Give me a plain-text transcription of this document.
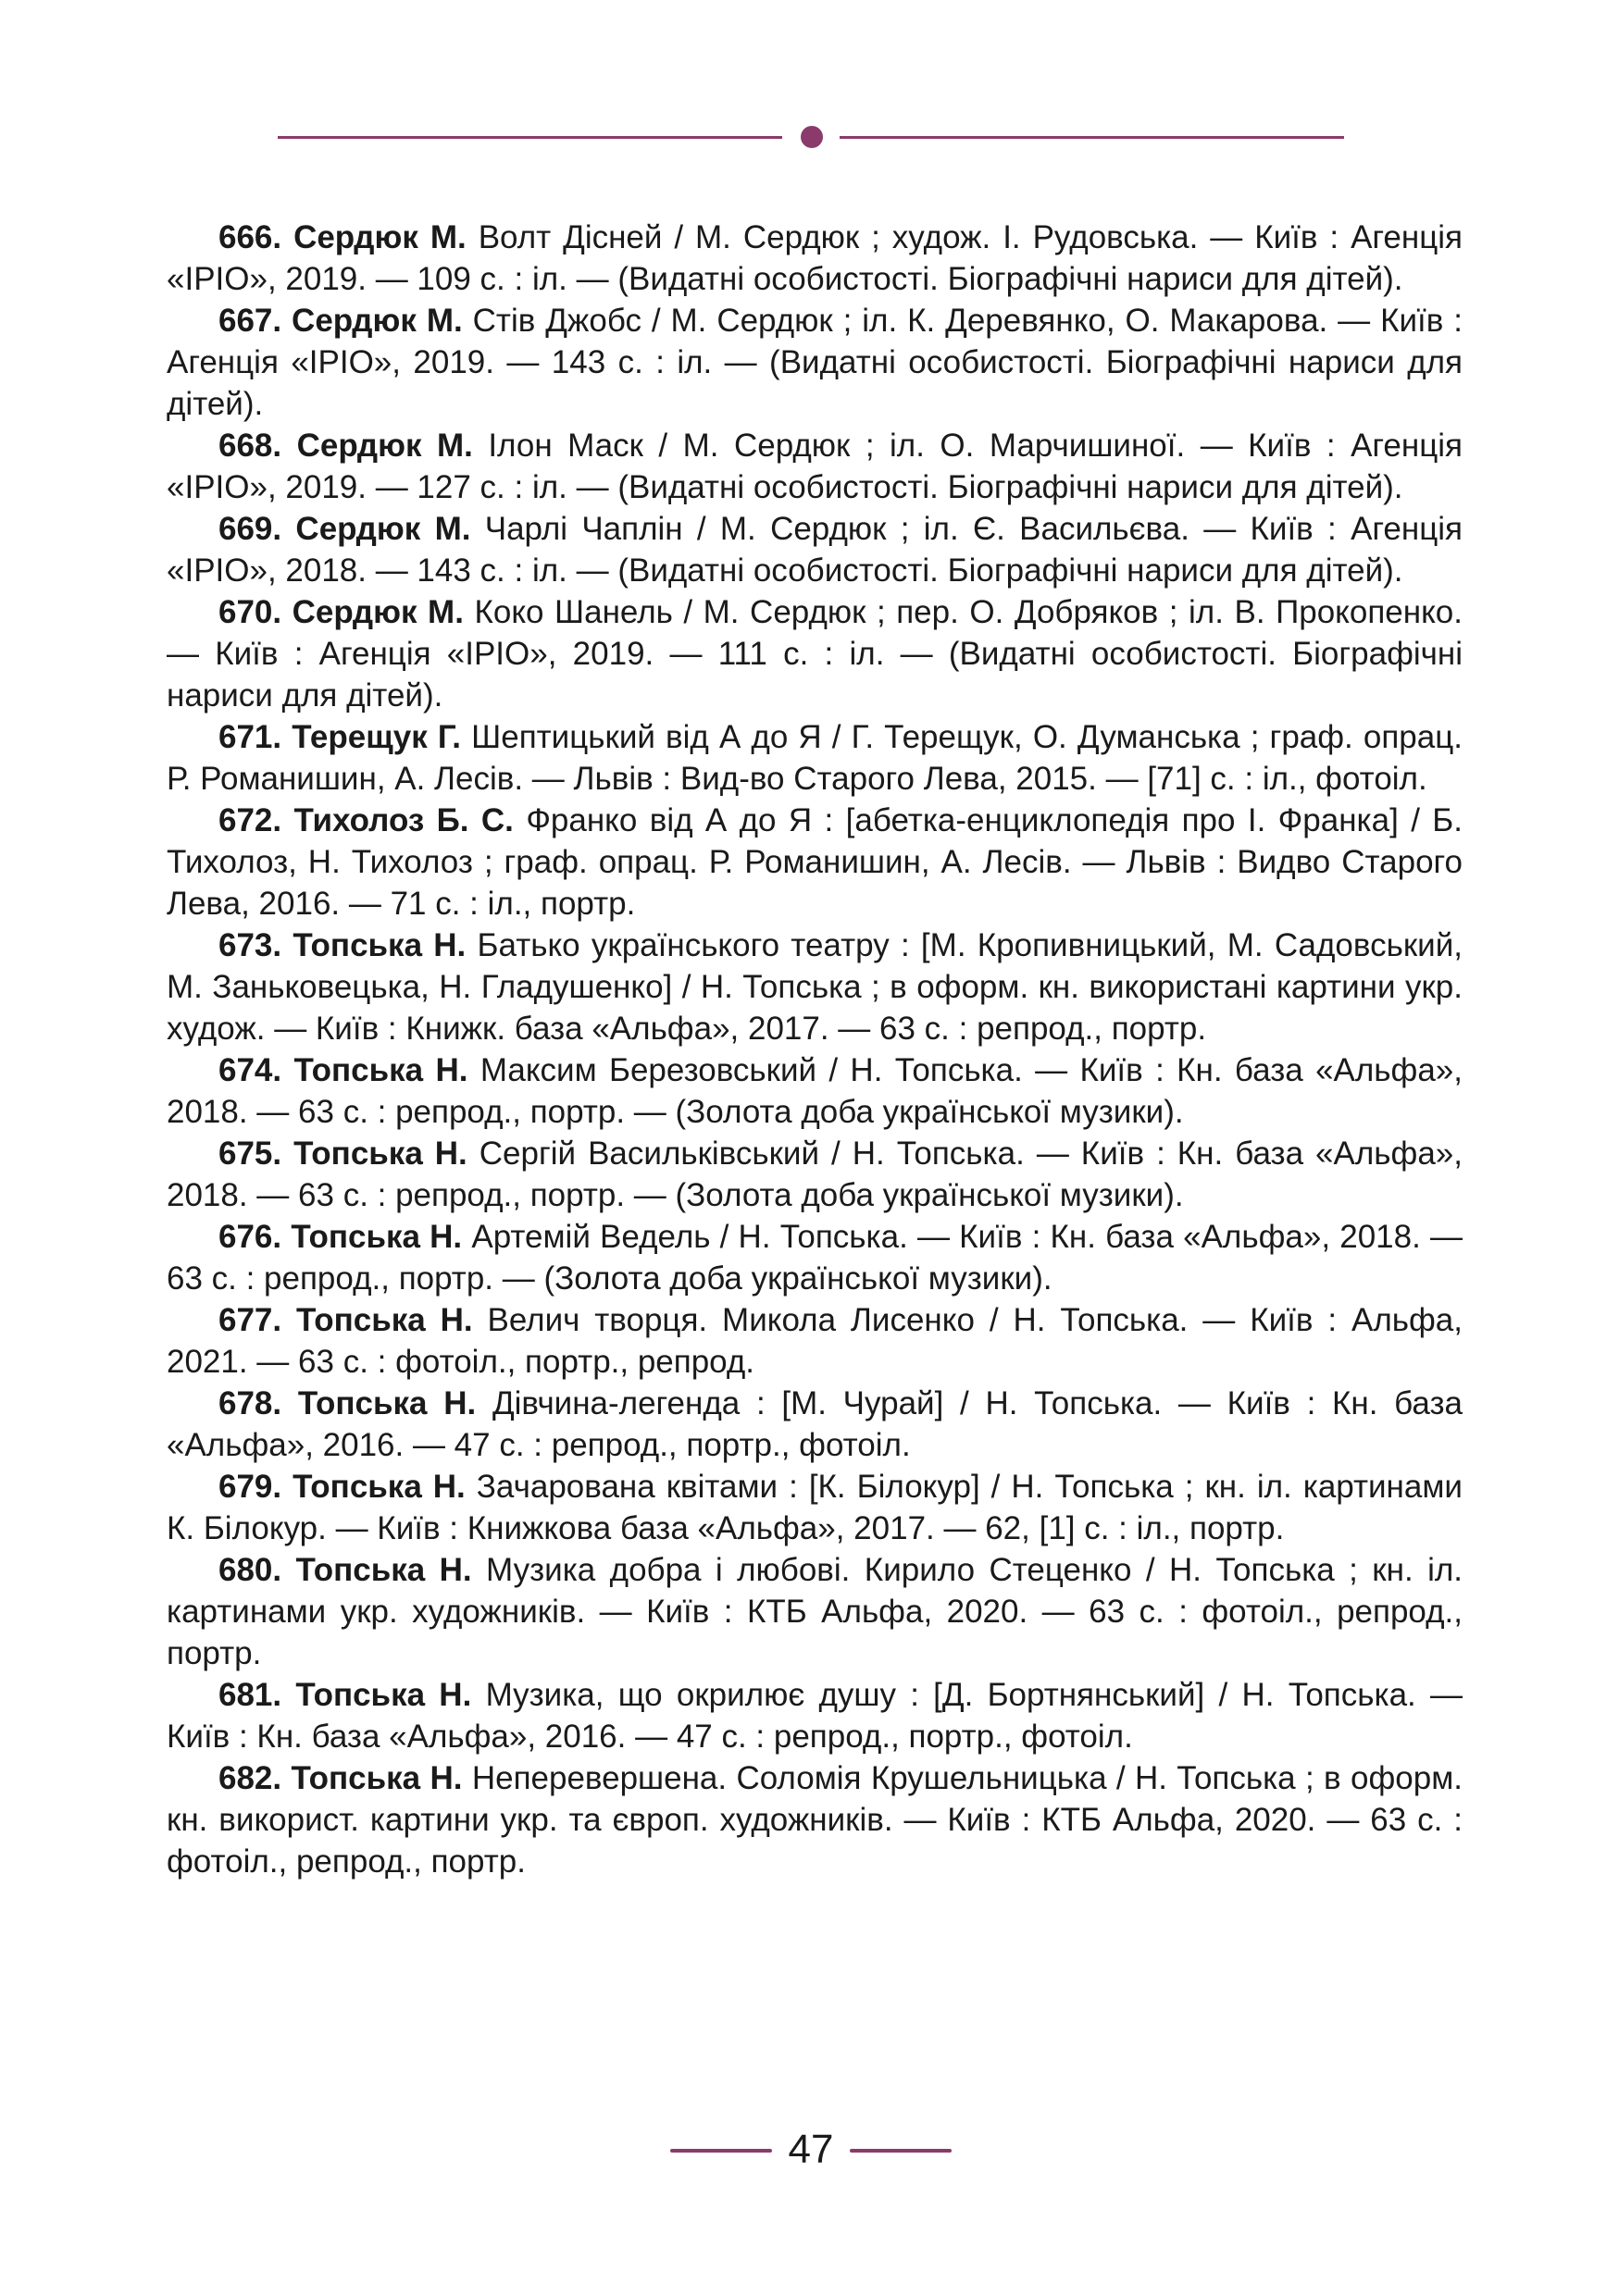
666. Сердюк М. Волт Дісней / М. Сердюк ; худож. І. Рудовська. — Київ : Агенція «ІРІО», 2019. — 109 с. : іл. — (Видатні особистості. Біографічні нариси для дітей).

667. Сердюк М. Стів Джобс / М. Сердюк ; іл. К. Деревянко, О. Макарова. — Київ : Агенція «ІРІО», 2019. — 143 с. : іл. — (Видатні особистості. Біографічні нариси для дітей).

668. Сердюк М. Ілон Маск / М. Сердюк ; іл. О. Марчишиної. — Київ : Агенція «ІРІО», 2019. — 127 с. : іл. — (Видатні особистості. Біографічні нариси для дітей).

669. Сердюк М. Чарлі Чаплін / М. Сердюк ; іл. Є. Васильєва. — Київ : Агенція «ІРІО», 2018. — 143 с. : іл. — (Видатні особистості. Біографічні нариси для дітей).

670. Сердюк М. Коко Шанель / М. Сердюк ; пер. О. Добряков ; іл. В. Прокопенко. — Київ : Агенція «ІРІО», 2019. — 111 с. : іл. — (Видатні особистості. Біографічні нариси для дітей).

671. Терещук Г. Шептицький від А до Я / Г. Терещук, О. Думанська ; граф. опрац. Р. Романишин, А. Лесів. — Львів : Вид-во Старого Лева, 2015. — [71] с. : іл., фотоіл.

672. Тихолоз Б. С. Франко від А до Я : [абетка-енциклопедія про І. Франка] / Б. Тихолоз, Н. Тихолоз ; граф. опрац. Р. Романишин, А. Лесів. — Львів : Видво Старого Лева, 2016. — 71 с. : іл., портр.

673. Топська Н. Батько українського театру : [М. Кропивницький, М. Садовський, М. Заньковецька, Н. Гладушенко] / Н. Топська ; в оформ. кн. використані картини укр. худож. — Київ : Книжк. база «Альфа», 2017. — 63 с. : репрод., портр.

674. Топська Н. Максим Березовський / Н. Топська. — Київ : Кн. база «Альфа», 2018. — 63 с. : репрод., портр. — (Золота доба української музики).

675. Топська Н. Сергій Васильківський / Н. Топська. — Київ : Кн. база «Альфа», 2018. — 63 с. : репрод., портр. — (Золота доба української музики).

676. Топська Н. Артемій Ведель / Н. Топська. — Київ : Кн. база «Альфа», 2018. — 63 с. : репрод., портр. — (Золота доба української музики).

677. Топська Н. Велич творця. Микола Лисенко / Н. Топська. — Київ : Альфа, 2021. — 63 с. : фотоіл., портр., репрод.

678. Топська Н. Дівчина-легенда : [М. Чурай] / Н. Топська. — Київ : Кн. база «Альфа», 2016. — 47 с. : репрод., портр., фотоіл.

679. Топська Н. Зачарована квітами : [К. Білокур] / Н. Топська ; кн. іл. картинами К. Білокур. — Київ : Книжкова база «Альфа», 2017. — 62, [1] с. : іл., портр.

680. Топська Н. Музика добра і любові. Кирило Стеценко / Н. Топська ; кн. іл. картинами укр. художників. — Київ : КТБ Альфа, 2020. — 63 с. : фотоіл., репрод., портр.

681. Топська Н. Музика, що окрилює душу : [Д. Бортнянський] / Н. Топська. — Київ : Кн. база «Альфа», 2016. — 47 с. : репрод., портр., фотоіл.

682. Топська Н. Неперевершена. Соломія Крушельницька / Н. Топська ; в оформ. кн. використ. картини укр. та європ. художників. — Київ : КТБ Альфа, 2020. — 63 с. : фотоіл., репрод., портр.

47
